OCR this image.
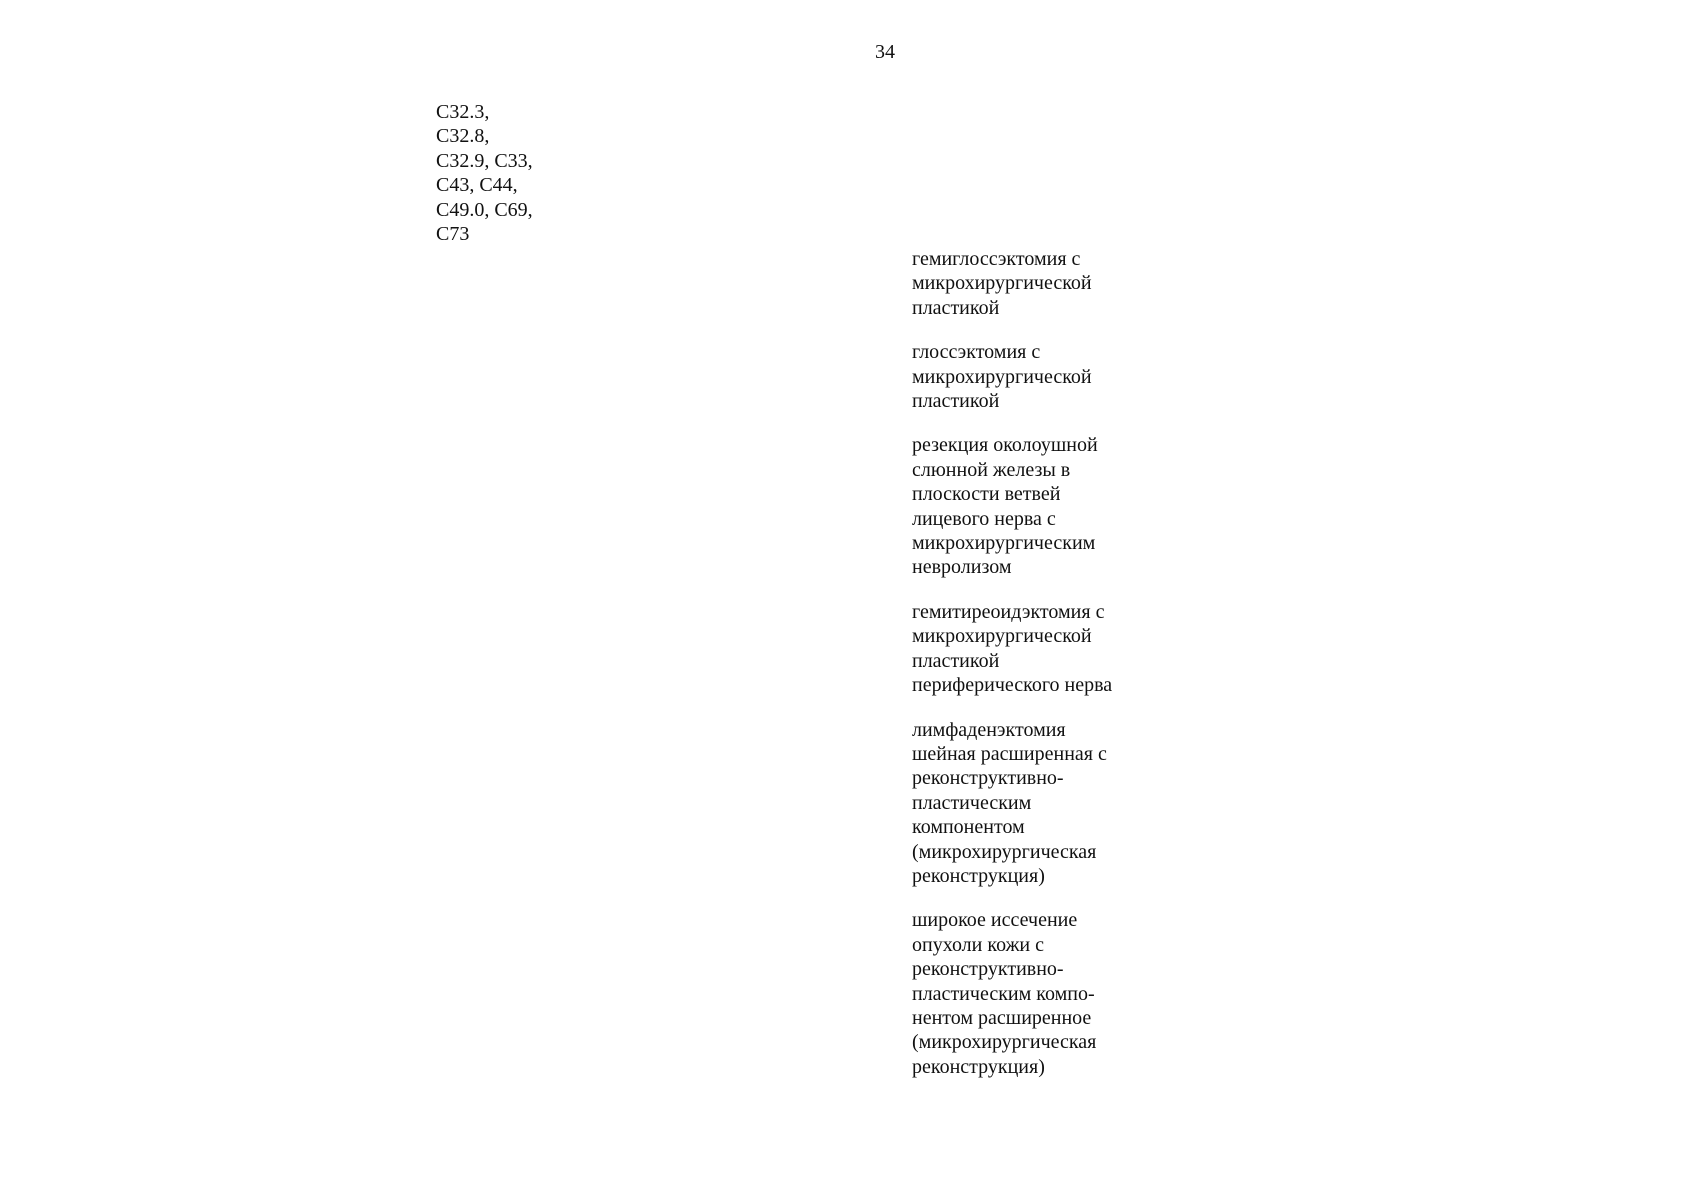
34
C32.3,
C32.8,
C32.9, C33,
C43, C44,
C49.0, C69,
C73
гемиглоссэктомия с
микрохирургической
пластикой
глоссэктомия с
микрохирургической
пластикой
резекция околоушной
слюнной железы в
плоскости ветвей
лицевого нерва с
микрохирургическим
невролизом
гемитиреоидэктомия с
микрохирургической
пластикой
периферического нерва
лимфаденэктомия
шейная расширенная с
реконструктивно-
пластическим
компонентом
(микрохирургическая
реконструкция)
широкое иссечение
опухоли кожи с
реконструктивно-
пластическим компо-
нентом расширенное
(микрохирургическая
реконструкция)
